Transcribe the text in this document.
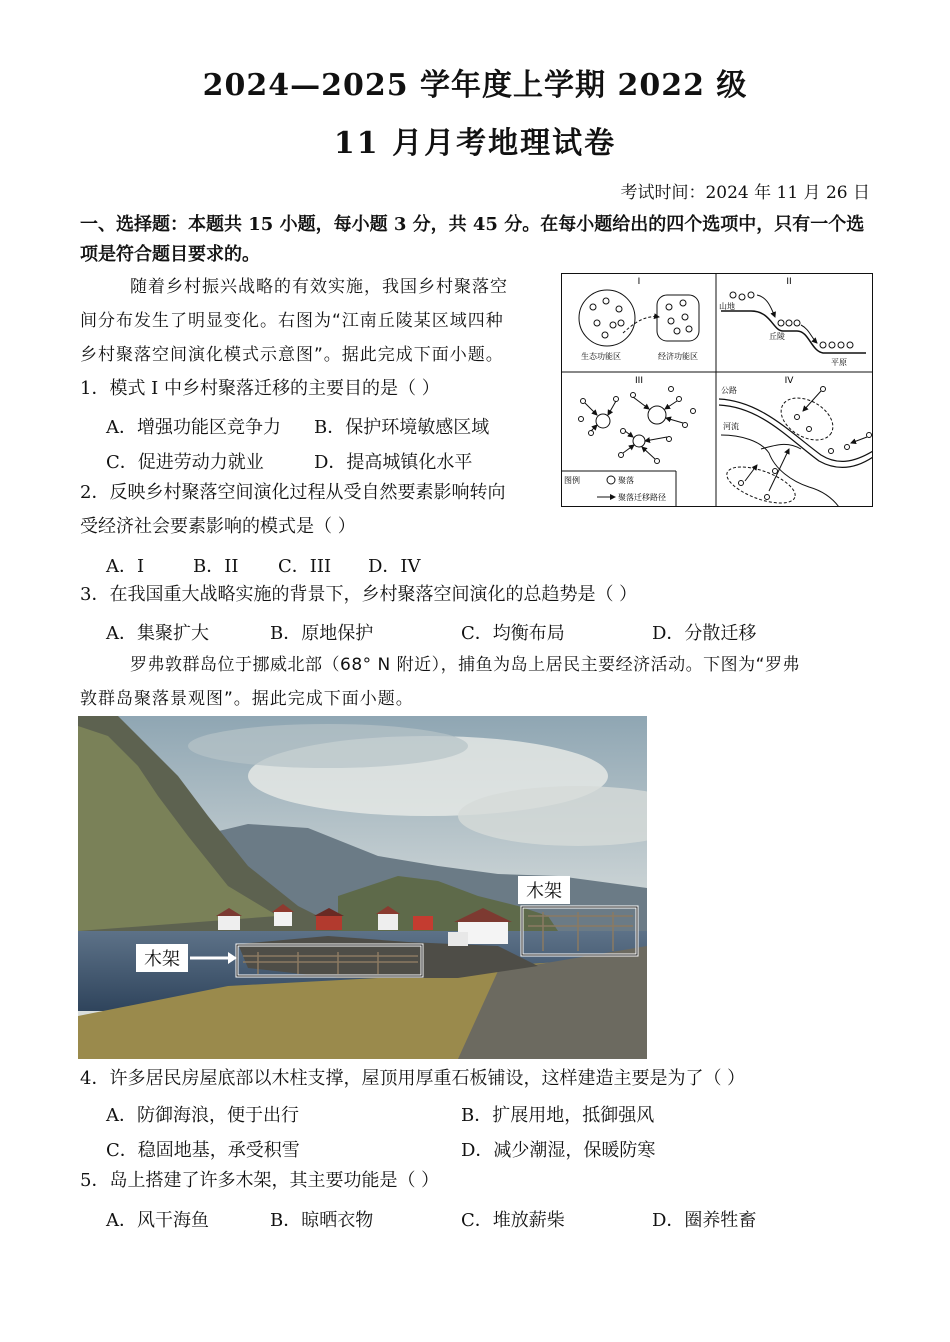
2024—2025 学年度上学期 2022 级
11 月月考地理试卷
考试时间：2024 年 11 月 26 日
一、选择题：本题共 15 小题，每小题 3 分，共 45 分。在每小题给出的四个选项中，只有一个选项是符合题目要求的。
随着乡村振兴战略的有效实施，我国乡村聚落空
间分布发生了明显变化。右图为“江南丘陵某区域四种
乡村聚落空间演化模式示意图”。据此完成下面小题。
I
生态功能区	经济功能区
II
山地
丘陵
平原
III
图例	聚落
聚落迁移路径
IV
公路
河流
1．模式 I 中乡村聚落迁移的主要目的是（ ）
A．增强功能区竞争力 B．保护环境敏感区域
C．促进劳动力就业	D．提高城镇化水平
2．反映乡村聚落空间演化过程从受自然要素影响转向
受经济社会要素影响的模式是（ ）
A．I	B．II C．III D．IV
3．在我国重大战略实施的背景下，乡村聚落空间演化的总趋势是（ ）
A．集聚扩大	B．原地保护	C．均衡布局	D．分散迁移
罗弗敦群岛位于挪威北部（68° N 附近），捕鱼为岛上居民主要经济活动。下图为“罗弗
敦群岛聚落景观图”。据此完成下面小题。
木架
木架
4．许多居民房屋底部以木柱支撑，屋顶用厚重石板铺设，这样建造主要是为了（ ）
A．防御海浪，便于出行	B．扩展用地，抵御强风
C．稳固地基，承受积雪	D．减少潮湿，保暖防寒
5．岛上搭建了许多木架，其主要功能是（ ）
A．风干海鱼	B．晾晒衣物	C．堆放薪柴	D．圈养牲畜
